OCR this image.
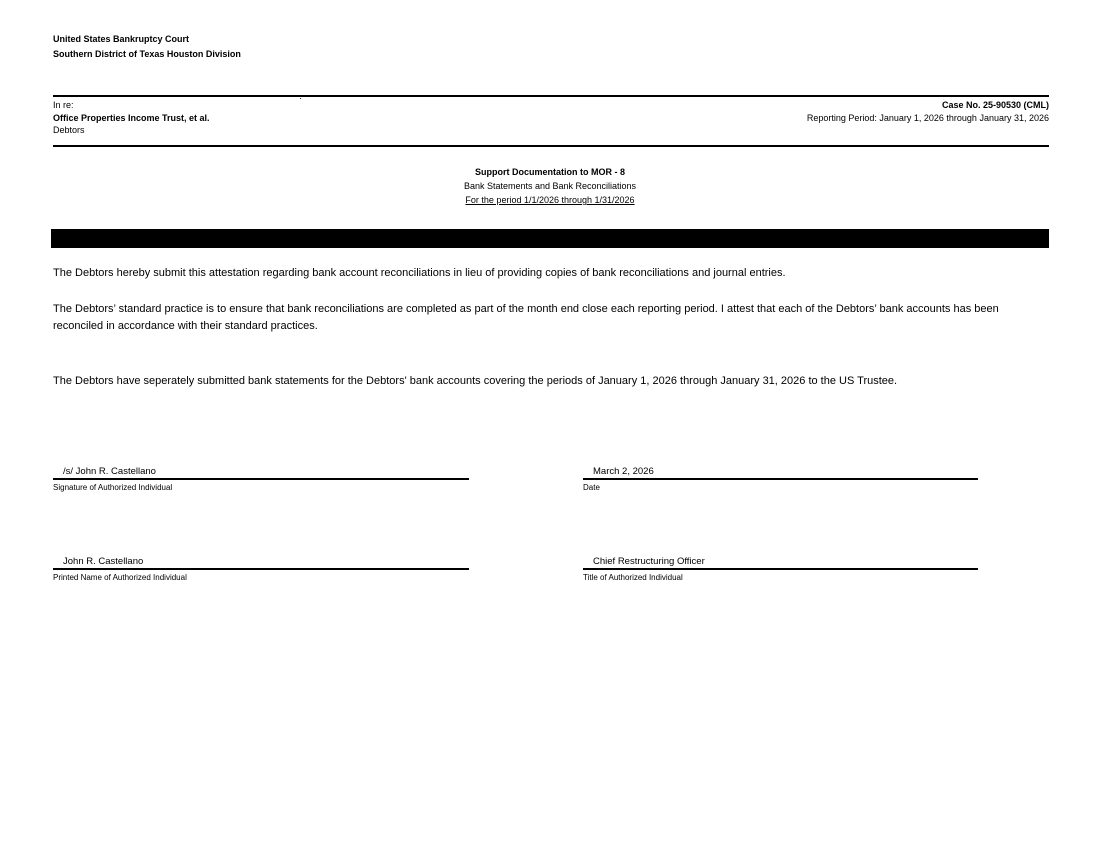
United States Bankruptcy Court
Southern District of Texas Houston Division
In re:
Office Properties Income Trust, et al.
Debtors
Case No. 25-90530 (CML)
Reporting Period: January 1, 2026 through January 31, 2026
Support Documentation to MOR - 8
Bank Statements and Bank Reconciliations
For the period 1/1/2026 through 1/31/2026
The Debtors hereby submit this attestation regarding bank account reconciliations in lieu of providing copies of bank reconciliations and journal entries.
The Debtors’ standard practice is to ensure that bank reconciliations are completed as part of the month end close each reporting period. I attest that each of the Debtors’ bank accounts has been reconciled in accordance with their standard practices.
The Debtors have seperately submitted bank statements for the Debtors' bank accounts covering the periods of January 1, 2026 through January 31, 2026 to the US Trustee.
/s/ John R. Castellano
Signature of Authorized Individual
March 2, 2026
Date
John R. Castellano
Printed Name of Authorized Individual
Chief Restructuring Officer
Title of Authorized Individual
